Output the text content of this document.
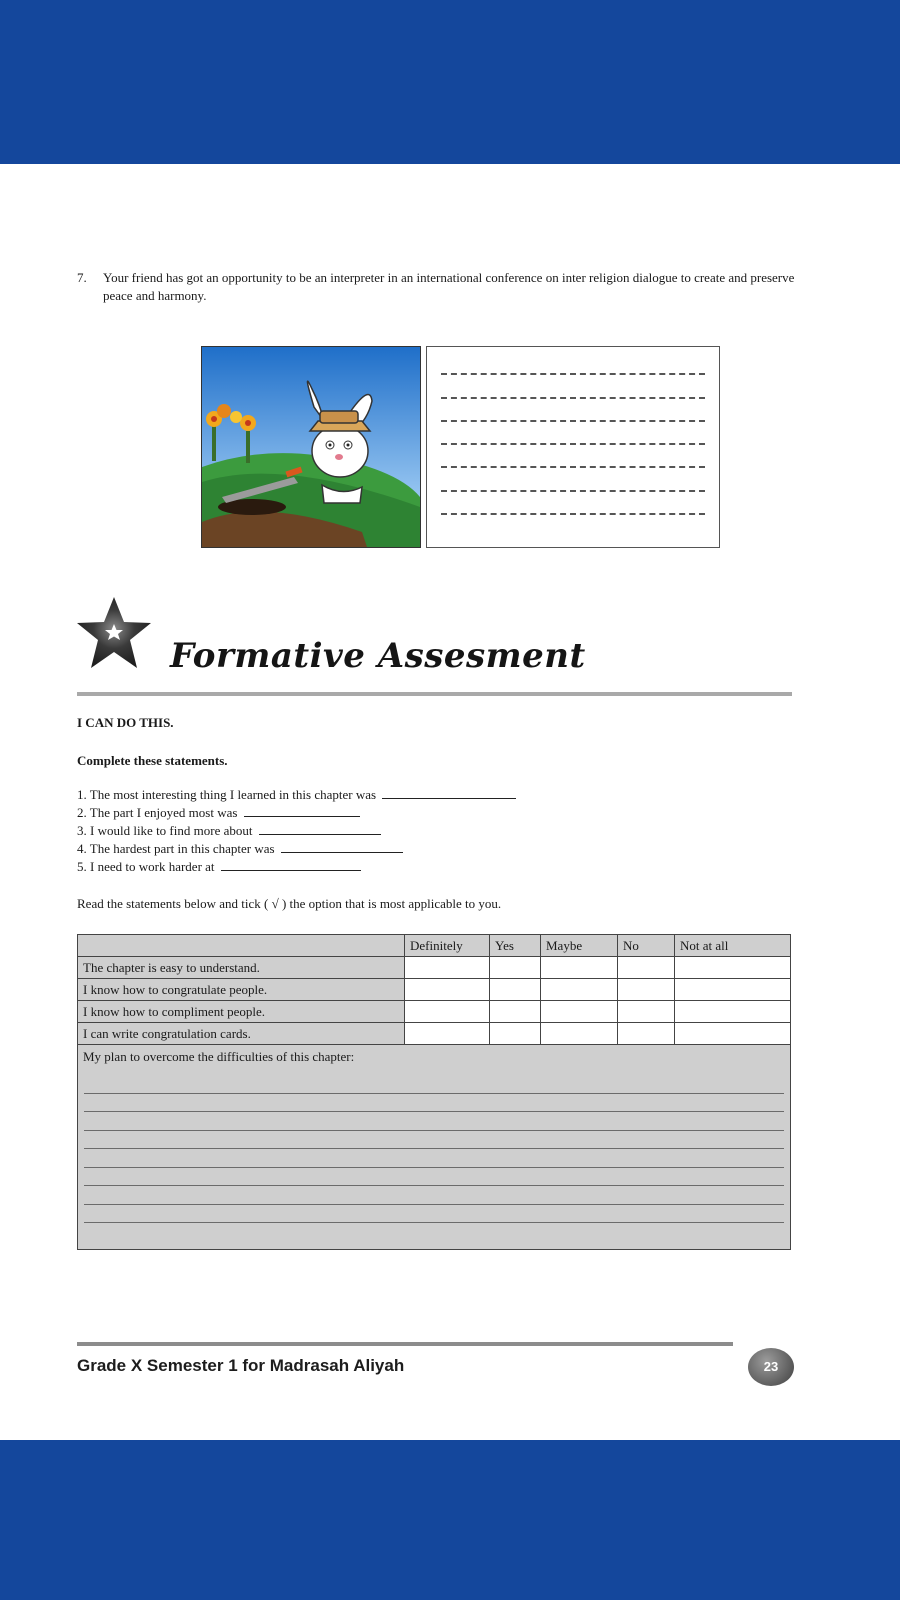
7. Your friend has got an opportunity to be an interpreter in an international conference on inter religion dialogue to create and preserve peace and harmony.
Formative Assesment
I CAN DO THIS.
Complete these statements.
1. The most interesting thing I learned in this chapter was
2. The part I enjoyed most was
3. I would like to find more about
4. The hardest part in this chapter was
5. I need to work harder at
Read the statements below and tick ( √ ) the option that is most applicable to you.
	Definitely	Yes	Maybe	No	Not at all
The chapter is easy to understand.					
I know how to congratulate people.					
I know how to compliment people.					
I can write congratulation cards.					

My plan to overcome the difficulties of this chapter:					
Grade X Semester 1 for Madrasah Aliyah	23
